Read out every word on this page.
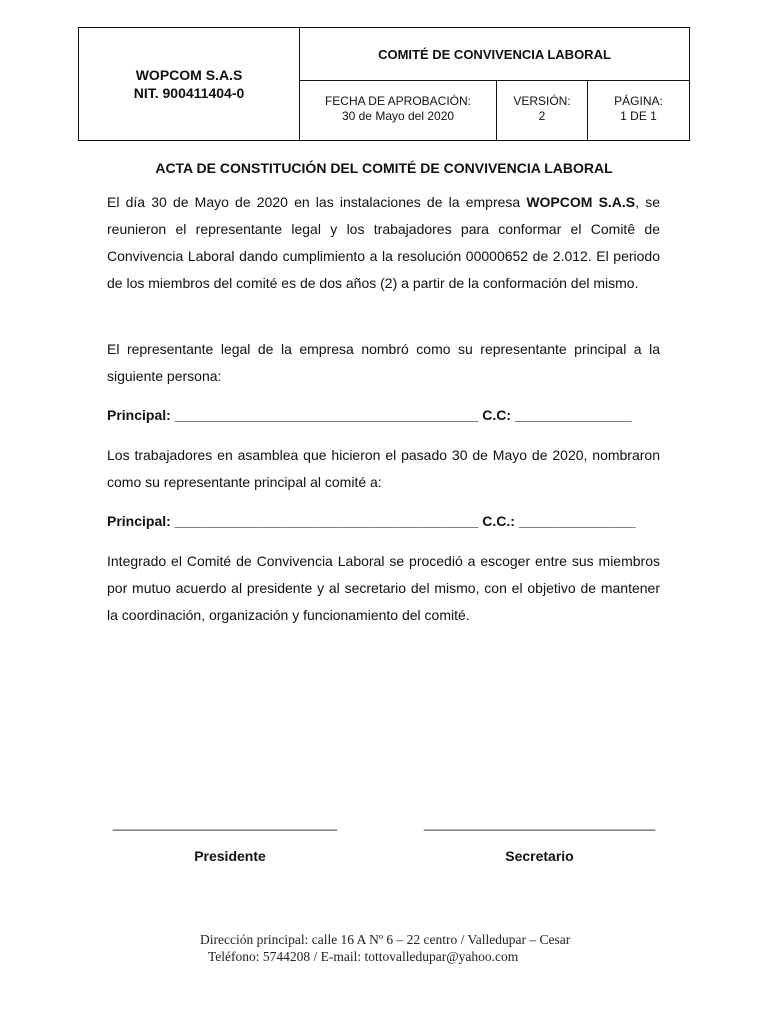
WOPCOM S.A.S
NIT. 900411404-0
COMITÉ DE CONVIVENCIA LABORAL
FECHA DE APROBACIÓN:
30 de Mayo del 2020
VERSIÓN:
2
PÁGINA:
1 DE 1
ACTA DE CONSTITUCIÓN DEL COMITÉ DE CONVIVENCIA LABORAL

El día 30 de Mayo de 2020 en las instalaciones de la empresa WOPCOM S.A.S, se reunieron el representante legal y los trabajadores para conformar el Comitê de Convivencia Laboral dando cumplimiento a la resolución 00000652 de 2.012. El periodo de los miembros del comité es de dos años (2) a partir de la conformación del mismo.

El representante legal de la empresa nombró como su representante principal a la siguiente persona:

Principal: _______________________________________ C.C: _______________

Los trabajadores en asamblea que hicieron el pasado 30 de Mayo de 2020, nombraron como su representante principal al comité a:

Principal: _______________________________________ C.C.: _______________

Integrado el Comité de Convivencia Laboral se procedió a escoger entre sus miembros por mutuo acuerdo al presidente y al secretario del mismo, con el objetivo de mantener la coordinación, organización y funcionamiento del comité.

_______________________________	________________________________
Presidente	Secretario
Dirección principal: calle 16 A Nº 6 – 22 centro / Valledupar – Cesar
Teléfono: 5744208 / E-mail: tottovalledupar@yahoo.com
